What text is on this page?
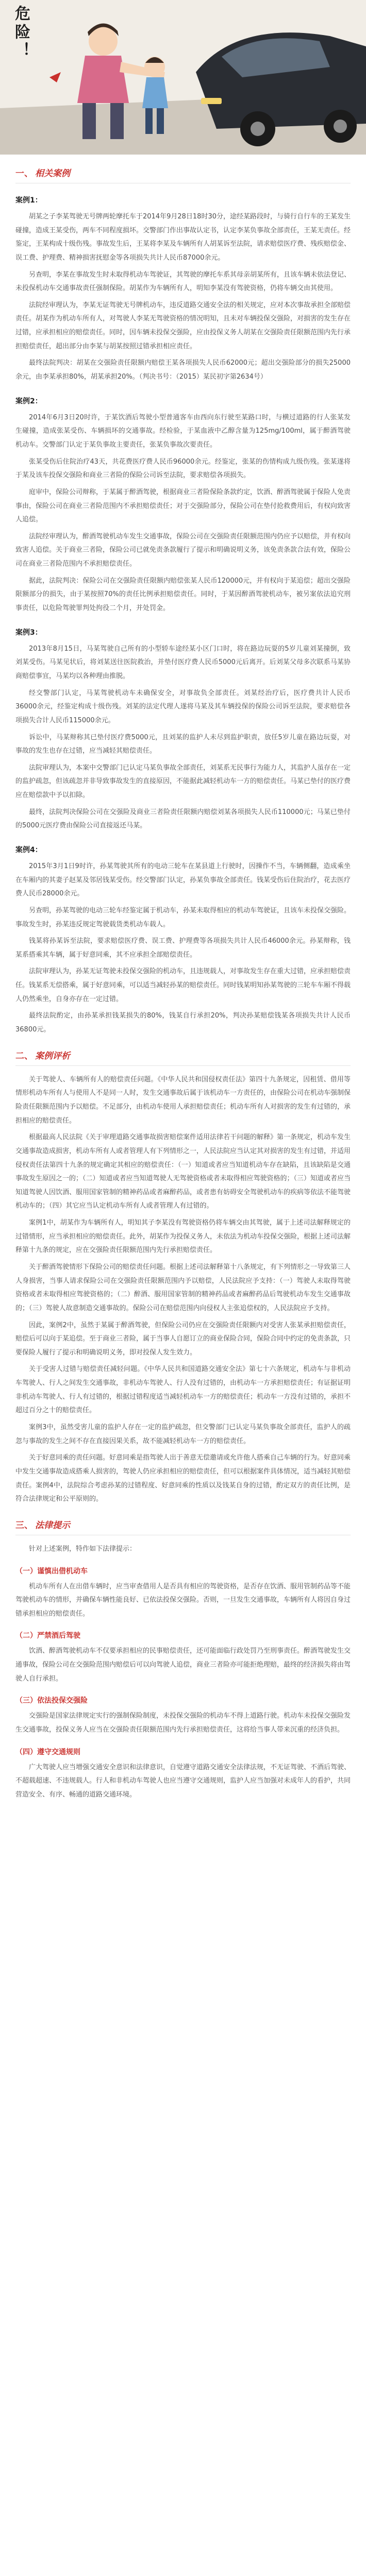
危险！
一、 相关案例
案例1：

胡某之子李某驾驶无号牌两轮摩托车于2014年9月28日18时30分，途经某路段时，与骑行自行车的王某发生碰撞，造成王某受伤，两车不同程度损坏。交警部门作出事故认定书，认定李某负事故全部责任，王某无责任。经鉴定，王某构成十级伤残。事故发生后，王某将李某及车辆所有人胡某诉至法院，请求赔偿医疗费、残疾赔偿金、误工费、护理费、精神损害抚慰金等各项损失共计人民币87000余元。

另查明，李某在事故发生时未取得机动车驾驶证，其驾驶的摩托车系其母亲胡某所有，且该车辆未依法登记、未投保机动车交通事故责任强制保险。胡某作为车辆所有人，明知李某没有驾驶资格，仍将车辆交由其使用。

法院经审理认为，李某无证驾驶无号牌机动车，违反道路交通安全法的相关规定，应对本次事故承担全部赔偿责任。胡某作为机动车所有人，对驾驶人李某无驾驶资格的情况明知，且未对车辆投保交强险，对损害的发生存在过错，应承担相应的赔偿责任。同时，因车辆未投保交强险，应由投保义务人胡某在交强险责任限额范围内先行承担赔偿责任，超出部分由李某与胡某按照过错承担相应责任。

最终法院判决：胡某在交强险责任限额内赔偿王某各项损失人民币62000元；超出交强险部分的损失25000余元，由李某承担80%，胡某承担20%。（判决书号：（2015）某民初字第2634号）

案例2：

2014年6月3日20时许，于某饮酒后驾驶小型普通客车由西向东行驶至某路口时，与横过道路的行人张某发生碰撞，造成张某受伤、车辆损坏的交通事故。经检验，于某血液中乙醇含量为125mg/100ml，属于醉酒驾驶机动车。交警部门认定于某负事故主要责任，张某负事故次要责任。

张某受伤后住院治疗43天，共花费医疗费人民币96000余元。经鉴定，张某的伤情构成九级伤残。张某遂将于某及该车投保交强险和商业三者险的保险公司诉至法院，要求赔偿各项损失。

庭审中，保险公司辩称，于某属于醉酒驾驶，根据商业三者险保险条款约定，饮酒、醉酒驾驶属于保险人免责事由，保险公司在商业三者险范围内不承担赔偿责任；对于交强险部分，保险公司在垫付抢救费用后，有权向致害人追偿。

法院经审理认为，醉酒驾驶机动车发生交通事故，保险公司在交强险责任限额范围内仍应予以赔偿，并有权向致害人追偿。关于商业三者险，保险公司已就免责条款履行了提示和明确说明义务，该免责条款合法有效，保险公司在商业三者险范围内不承担赔偿责任。

据此，法院判决：保险公司在交强险责任限额内赔偿张某人民币120000元，并有权向于某追偿；超出交强险限额部分的损失，由于某按照70%的责任比例承担赔偿责任。同时，于某因醉酒驾驶机动车，被另案依法追究刑事责任，以危险驾驶罪判处拘役二个月，并处罚金。

案例3：

2013年8月15日，马某驾驶自己所有的小型轿车途经某小区门口时，将在路边玩耍的5岁儿童刘某撞倒，致刘某受伤。马某见状后，将刘某送往医院救治，并垫付医疗费人民币5000元后离开。后刘某父母多次联系马某协商赔偿事宜，马某均以各种理由推脱。

经交警部门认定，马某驾驶机动车未确保安全，对事故负全部责任。刘某经治疗后，医疗费共计人民币36000余元，经鉴定构成十级伤残。刘某的法定代理人遂将马某及其车辆投保的保险公司诉至法院，要求赔偿各项损失合计人民币115000余元。

诉讼中，马某辩称其已垫付医疗费5000元，且刘某的监护人未尽到监护职责，放任5岁儿童在路边玩耍，对事故的发生也存在过错，应当减轻其赔偿责任。

法院审理认为，本案中交警部门已认定马某负事故全部责任，刘某系无民事行为能力人，其监护人虽存在一定的监护疏忽，但该疏忽并非导致事故发生的直接原因，不能据此减轻机动车一方的赔偿责任。马某已垫付的医疗费应在赔偿款中予以扣除。

最终，法院判决保险公司在交强险及商业三者险责任限额内赔偿刘某各项损失人民币110000元；马某已垫付的5000元医疗费由保险公司直接返还马某。

案例4：

2015年3月1日9时许，孙某驾驶其所有的电动三轮车在某县道上行驶时，因操作不当，车辆侧翻，造成乘坐在车厢内的其妻子赵某及邻居钱某受伤。经交警部门认定，孙某负事故全部责任。钱某受伤后住院治疗，花去医疗费人民币28000余元。

另查明，孙某驾驶的电动三轮车经鉴定属于机动车，孙某未取得相应的机动车驾驶证，且该车未投保交强险。事故发生时，孙某违反规定驾驶载货类机动车载人。

钱某将孙某诉至法院，要求赔偿医疗费、误工费、护理费等各项损失共计人民币46000余元。孙某辩称，钱某系搭乘其车辆，属于好意同乘，其不应承担全部赔偿责任。

法院审理认为，孙某无证驾驶未投保交强险的机动车，且违规载人，对事故发生存在重大过错，应承担赔偿责任。钱某系无偿搭乘，属于好意同乘，可以适当减轻孙某的赔偿责任。同时钱某明知孙某驾驶的三轮车车厢不得载人仍然乘坐，自身亦存在一定过错。

最终法院酌定，由孙某承担钱某损失的80%，钱某自行承担20%，判决孙某赔偿钱某各项损失共计人民币36800元。

二、 案例评析

关于驾驶人、车辆所有人的赔偿责任问题。《中华人民共和国侵权责任法》第四十九条规定，因租赁、借用等情形机动车所有人与使用人不是同一人时，发生交通事故后属于该机动车一方责任的，由保险公司在机动车强制保险责任限额范围内予以赔偿。不足部分，由机动车使用人承担赔偿责任；机动车所有人对损害的发生有过错的，承担相应的赔偿责任。

根据最高人民法院《关于审理道路交通事故损害赔偿案件适用法律若干问题的解释》第一条规定，机动车发生交通事故造成损害，机动车所有人或者管理人有下列情形之一，人民法院应当认定其对损害的发生有过错，并适用侵权责任法第四十九条的规定确定其相应的赔偿责任：（一）知道或者应当知道机动车存在缺陷，且该缺陷是交通事故发生原因之一的；（二）知道或者应当知道驾驶人无驾驶资格或者未取得相应驾驶资格的；（三）知道或者应当知道驾驶人因饮酒、服用国家管制的精神药品或者麻醉药品，或者患有妨碍安全驾驶机动车的疾病等依法不能驾驶机动车的；（四）其它应当认定机动车所有人或者管理人有过错的。

案例1中，胡某作为车辆所有人，明知其子李某没有驾驶资格仍将车辆交由其驾驶，属于上述司法解释规定的过错情形，应当承担相应的赔偿责任。此外，胡某作为投保义务人，未依法为机动车投保交强险，根据上述司法解释第十九条的规定，应在交强险责任限额范围内先行承担赔偿责任。

关于醉酒驾驶情形下保险公司的赔偿责任问题。根据上述司法解释第十八条规定，有下列情形之一导致第三人人身损害，当事人请求保险公司在交强险责任限额范围内予以赔偿，人民法院应予支持：（一）驾驶人未取得驾驶资格或者未取得相应驾驶资格的；（二）醉酒、服用国家管制的精神药品或者麻醉药品后驾驶机动车发生交通事故的；（三）驾驶人故意制造交通事故的。保险公司在赔偿范围内向侵权人主张追偿权的，人民法院应予支持。

因此，案例2中，虽然于某属于醉酒驾驶，但保险公司仍应在交强险责任限额内对受害人张某承担赔偿责任，赔偿后可以向于某追偿。至于商业三者险，属于当事人自愿订立的商业保险合同，保险合同中约定的免责条款，只要保险人履行了提示和明确说明义务，即对投保人发生效力。

关于受害人过错与赔偿责任减轻问题。《中华人民共和国道路交通安全法》第七十六条规定，机动车与非机动车驾驶人、行人之间发生交通事故，非机动车驾驶人、行人没有过错的，由机动车一方承担赔偿责任；有证据证明非机动车驾驶人、行人有过错的，根据过错程度适当减轻机动车一方的赔偿责任；机动车一方没有过错的，承担不超过百分之十的赔偿责任。

案例3中，虽然受害儿童的监护人存在一定的监护疏忽，但交警部门已认定马某负事故全部责任，监护人的疏忽与事故的发生之间不存在直接因果关系，故不能减轻机动车一方的赔偿责任。

关于好意同乘的责任问题。好意同乘是指驾驶人出于善意无偿邀请或允许他人搭乘自己车辆的行为。好意同乘中发生交通事故造成搭乘人损害的，驾驶人仍应承担相应的赔偿责任，但可以根据案件具体情况，适当减轻其赔偿责任。案例4中，法院综合考虑孙某的过错程度、好意同乘的性质以及钱某自身的过错，酌定双方的责任比例，是符合法律规定和公平原则的。

三、 法律提示

针对上述案例，特作如下法律提示：

（一）谨慎出借机动车

机动车所有人在出借车辆时，应当审查借用人是否具有相应的驾驶资格，是否存在饮酒、服用管制药品等不能驾驶机动车的情形，并确保车辆性能良好、已依法投保交强险。否则，一旦发生交通事故，车辆所有人将因自身过错承担相应的赔偿责任。

（二）严禁酒后驾驶

饮酒、醉酒驾驶机动车不仅要承担相应的民事赔偿责任，还可能面临行政处罚乃至刑事责任。醉酒驾驶发生交通事故，保险公司在交强险范围内赔偿后可以向驾驶人追偿，商业三者险亦可能拒绝理赔，最终的经济损失将由驾驶人自行承担。

（三）依法投保交强险

交强险是国家法律规定实行的强制保险制度，未投保交强险的机动车不得上道路行驶。机动车未投保交强险发生交通事故，投保义务人应当在交强险责任限额范围内先行承担赔偿责任，这将给当事人带来沉重的经济负担。

（四）遵守交通规则

广大驾驶人应当增强交通安全意识和法律意识，自觉遵守道路交通安全法律法规，不无证驾驶、不酒后驾驶、不超载超速、不违规载人。行人和非机动车驾驶人也应当遵守交通规则，监护人应当加强对未成年人的看护，共同营造安全、有序、畅通的道路交通环境。
